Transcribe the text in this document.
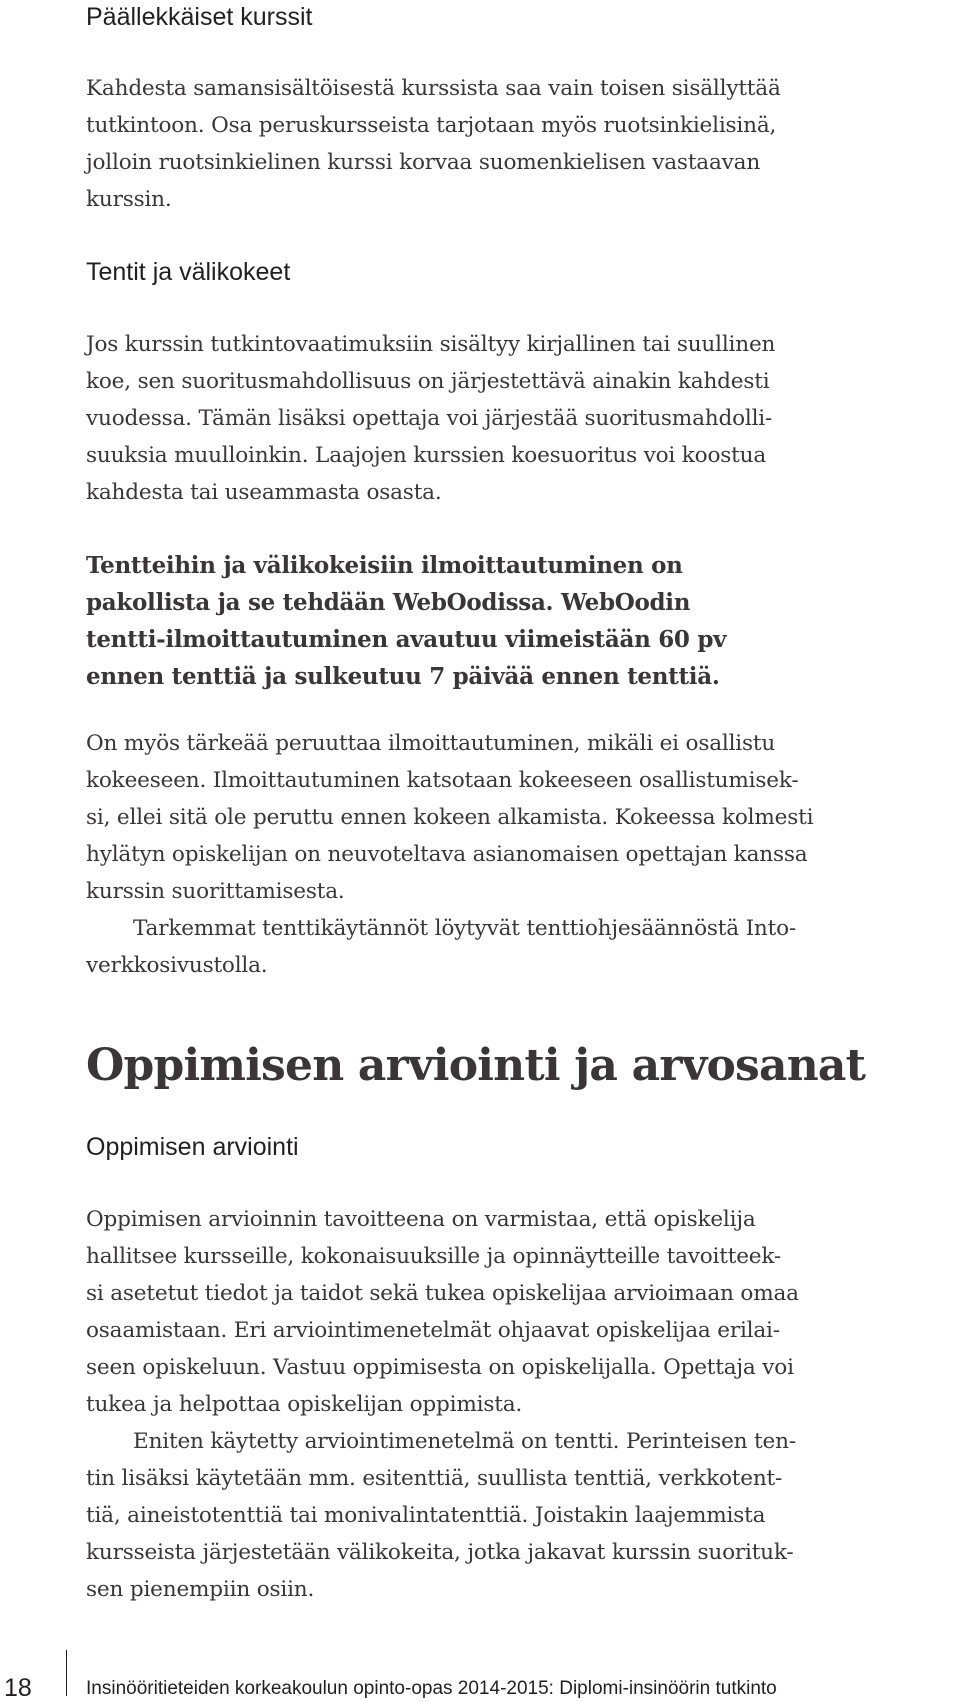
Päällekkäiset kurssit

Kahdesta samansisältöisestä kurssista saa vain toisen sisällyttää
tutkintoon. Osa peruskursseista tarjotaan myös ruotsinkielisinä,
jolloin ruotsinkielinen kurssi korvaa suomenkielisen vastaavan
kurssin.

Tentit ja välikokeet

Jos kurssin tutkintovaatimuksiin sisältyy kirjallinen tai suullinen
koe, sen suoritusmahdollisuus on järjestettävä ainakin kahdesti
vuodessa. Tämän lisäksi opettaja voi järjestää suoritusmahdolli-
suuksia muulloinkin. Laajojen kurssien koesuoritus voi koostua
kahdesta tai useammasta osasta.

Tentteihin ja välikokeisiin ilmoittautuminen on
pakollista ja se tehdään WebOodissa. WebOodin
tentti-ilmoittautuminen avautuu viimeistään 60 pv
ennen tenttiä ja sulkeutuu 7 päivää ennen tenttiä.

On myös tärkeää peruuttaa ilmoittautuminen, mikäli ei osallistu
kokeeseen. Ilmoittautuminen katsotaan kokeeseen osallistumisek-
si, ellei sitä ole peruttu ennen kokeen alkamista. Kokeessa kolmesti
hylätyn opiskelijan on neuvoteltava asianomaisen opettajan kanssa
kurssin suorittamisesta.
Tarkemmat tenttikäytännöt löytyvät tenttiohjesäännöstä Into-
verkkosivustolla.

Oppimisen arviointi ja arvosanat
Oppimisen arviointi

Oppimisen arvioinnin tavoitteena on varmistaa, että opiskelija
hallitsee kursseille, kokonaisuuksille ja opinnäytteille tavoitteek-
si asetetut tiedot ja taidot sekä tukea opiskelijaa arvioimaan omaa
osaamistaan. Eri arviointimenetelmät ohjaavat opiskelijaa erilai-
seen opiskeluun. Vastuu oppimisesta on opiskelijalla. Opettaja voi
tukea ja helpottaa opiskelijan oppimista.
Eniten käytetty arviointimenetelmä on tentti. Perinteisen ten-
tin lisäksi käytetään mm. esitenttiä, suullista tenttiä, verkkotent-
tiä, aineistotenttiä tai monivalintatenttiä. Joistakin laajemmista
kursseista järjestetään välikokeita, jotka jakavat kurssin suorituk-
sen pienempiin osiin.

18	Insinööritieteiden korkeakoulun opinto-opas 2014-2015: Diplomi-insinöörin tutkinto
